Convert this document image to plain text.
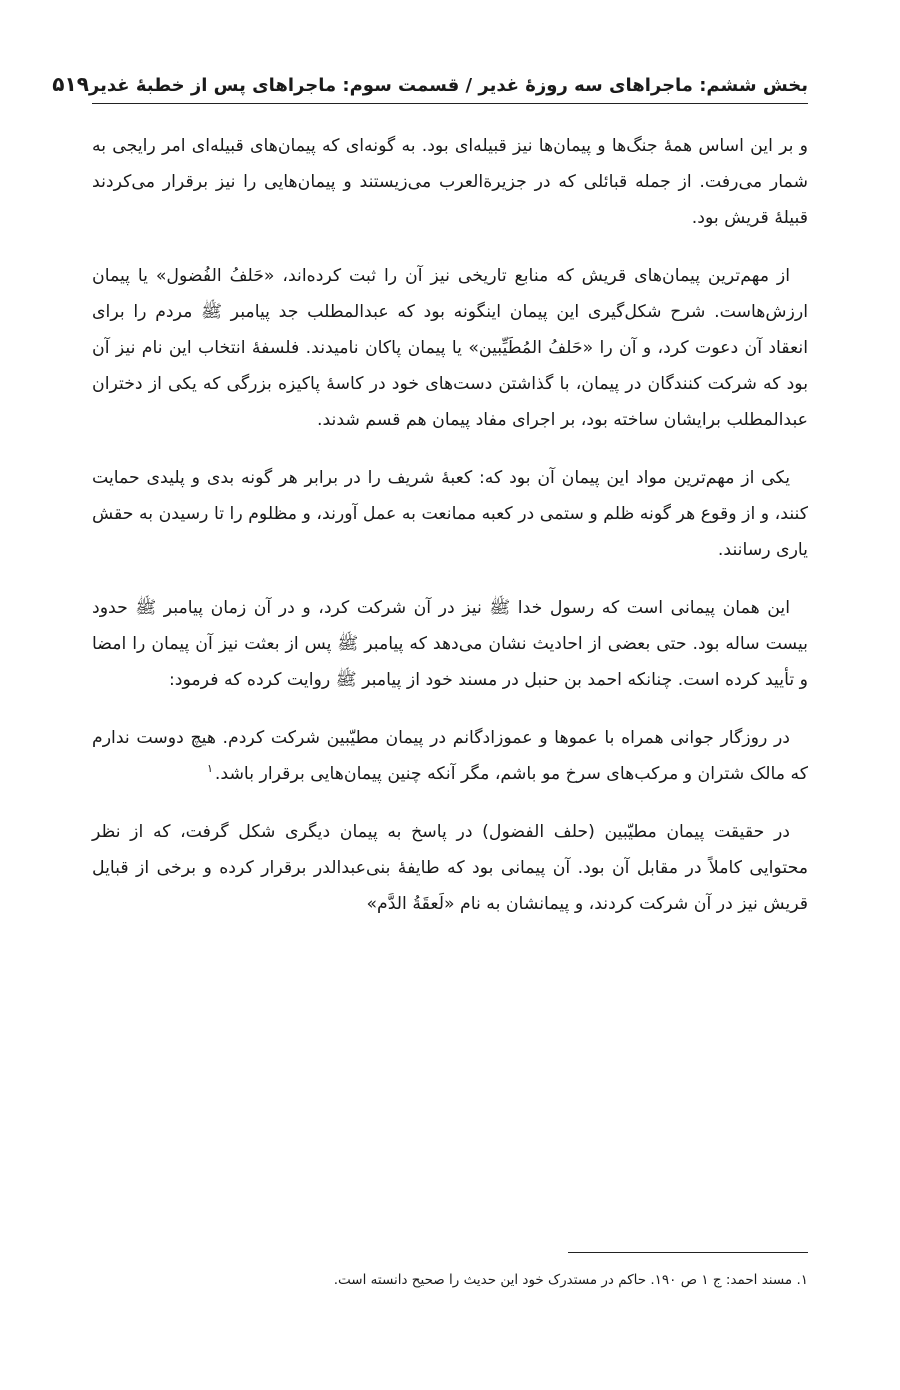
بخش ششم: ماجراهای سه روزهٔ غدیر / قسمت سوم: ماجراهای پس از خطبهٔ غدیر
۵۱۹

و بر این اساس همهٔ جنگ‌ها و پیمان‌ها نیز قبیله‌ای بود. به گونه‌ای که پیمان‌های قبیله‌ای امر رایجی به شمار می‌رفت. از جمله قبائلی که در جزیرةالعرب می‌زیستند و پیمان‌هایی را نیز برقرار می‌کردند قبیلهٔ قریش بود.

از مهم‌ترین پیمان‌های قریش که منابع تاریخی نیز آن را ثبت کرده‌اند، «حَلفُ الفُضول» یا پیمان ارزش‌هاست. شرح شکل‌گیری این پیمان اینگونه بود که عبدالمطلب جد پیامبر ﷺ مردم را برای انعقاد آن دعوت کرد، و آن را «حَلفُ المُطَیِّبین» یا پیمان پاکان نامیدند. فلسفهٔ انتخاب این نام نیز آن بود که شرکت کنندگان در پیمان، با گذاشتن دست‌های خود در کاسهٔ پاکیزه بزرگی که یکی از دختران عبدالمطلب برایشان ساخته بود، بر اجرای مفاد پیمان هم قسم شدند.

یکی از مهم‌ترین مواد این پیمان آن بود که: کعبهٔ شریف را در برابر هر گونه بدی و پلیدی حمایت کنند، و از وقوع هر گونه ظلم و ستمی در کعبه ممانعت به عمل آورند، و مظلوم را تا رسیدن به حقش یاری رسانند.

این همان پیمانی است که رسول خدا ﷺ نیز در آن شرکت کرد، و در آن زمان پیامبر ﷺ حدود بیست ساله بود. حتی بعضی از احادیث نشان می‌دهد که پیامبر ﷺ پس از بعثت نیز آن پیمان را امضا و تأیید کرده است. چنانکه احمد بن حنبل در مسند خود از پیامبر ﷺ روایت کرده که فرمود:

در روزگار جوانی همراه با عموها و عموزادگانم در پیمان مطیّبین شرکت کردم. هیچ دوست ندارم که مالک شتران و مرکب‌های سرخ مو باشم، مگر آنکه چنین پیمان‌هایی برقرار باشد.$^۱$

در حقیقت پیمان مطیّبین (حلف الفضول) در پاسخ به پیمان دیگری شکل گرفت، که از نظر محتوایی کاملاً در مقابل آن بود. آن پیمانی بود که طایفهٔ بنی‌عبدالدر برقرار کرده و برخی از قبایل قریش نیز در آن شرکت کردند، و پیمانشان به نام «لَعقَةُ الدَّم»

۱. مسند احمد: ج ۱ ص ۱۹۰. حاکم در مستدرک خود این حدیث را صحیح دانسته است.
